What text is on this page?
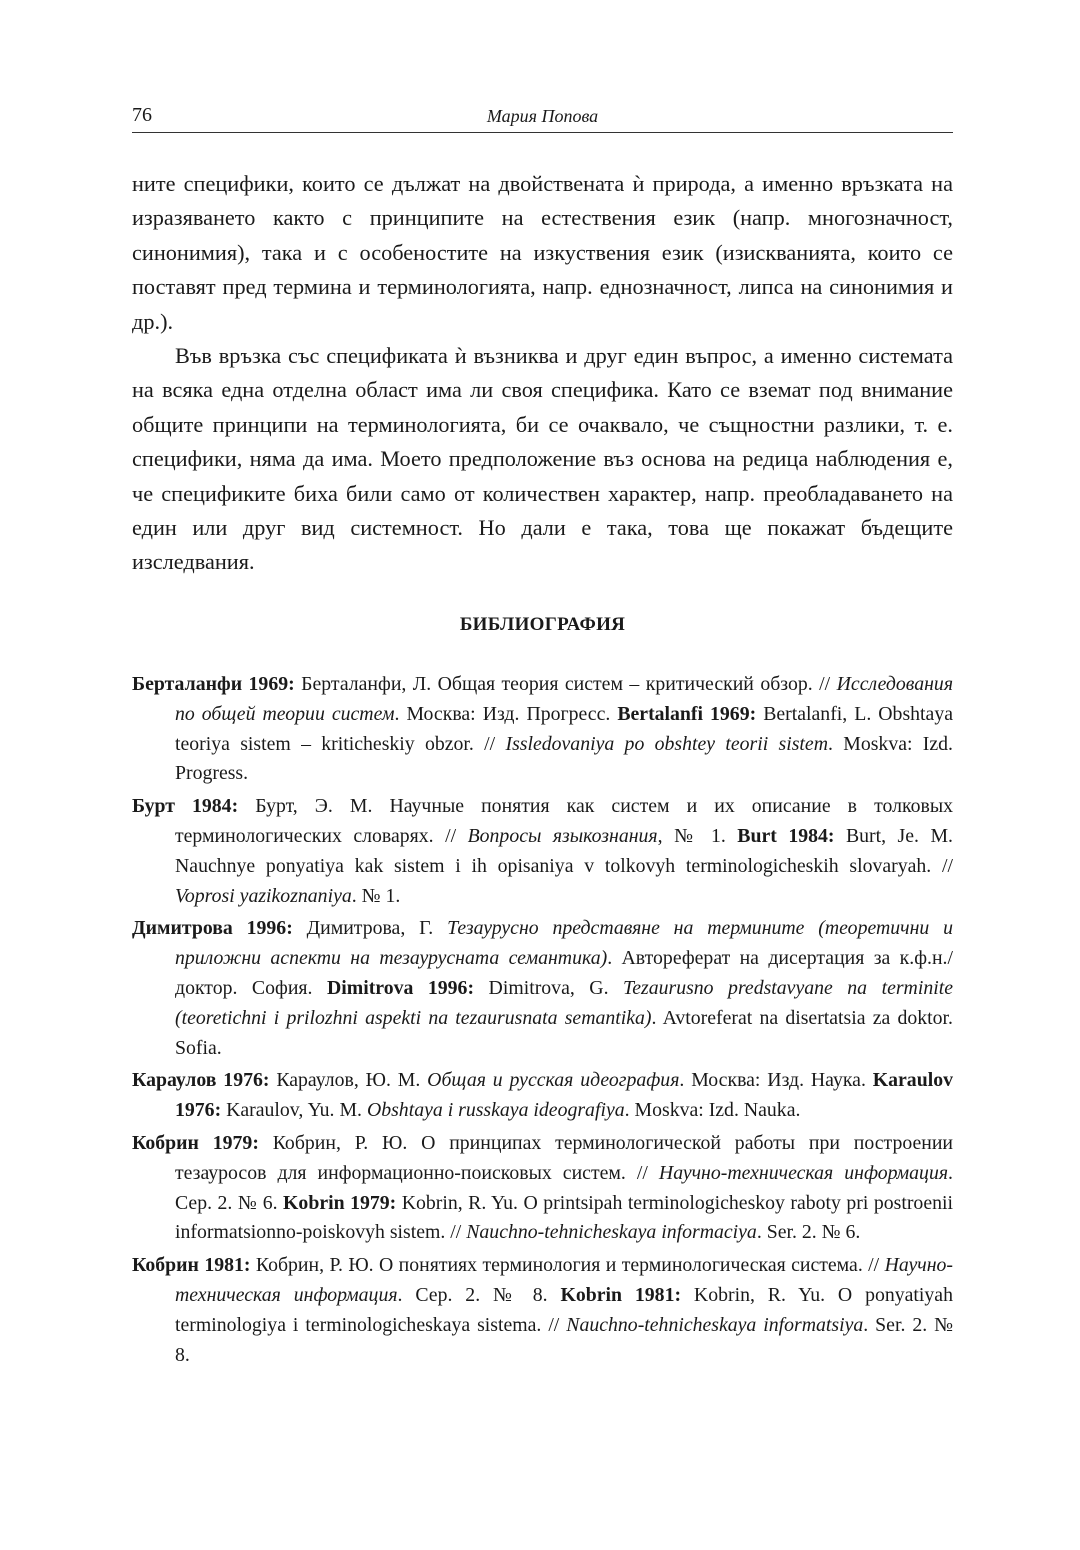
76	Мария Попова

ните специфики, които се дължат на двойствената ѝ природа, а именно връзката на изразяването както с принципите на естествения език (напр. многозначност, синонимия), така и с особеностите на изкуствения език (изискванията, които се поставят пред термина и терминологията, напр. еднозначност, липса на синонимия и др.).

Във връзка със спецификата ѝ възниква и друг един въпрос, а именно системата на всяка една отделна област има ли своя специфика. Като се вземат под внимание общите принципи на терминологията, би се очаквало, че същностни разлики, т. е. специфики, няма да има. Моето предположение въз основа на редица наблюдения е, че спецификите биха били само от количествен характер, напр. преобладаването на един или друг вид системност. Но дали е така, това ще покажат бъдещите изследвания.

БИБЛИОГРАФИЯ

Берталанфи 1969: Берталанфи, Л. Общая теория систем – критический обзор. // Исследования по общей теории систем. Москва: Изд. Прогресс. Bertalanfi 1969: Bertalanfi, L. Obshtaya teoriya sistem – kriticheskiy obzor. // Issledovaniya po obshtey teorii sistem. Moskva: Izd. Progress.

Бурт 1984: Бурт, Э. М. Научные понятия как систем и их описание в толковых терминологических словарях. // Вопросы языкознания, № 1. Burt 1984: Burt, Je. M. Nauchnye ponyatiya kak sistem i ih opisaniya v tolkovyh terminologicheskih slovaryah. // Voprosi yazikoznaniya. № 1.

Димитрова 1996: Димитрова, Г. Тезаурусно представяне на термините (теоретични и приложни аспекти на тезаурусната семантика). Автореферат на дисертация за к.ф.н./доктор. София. Dimitrova 1996: Dimitrova, G. Tezaurusno predstavyane na terminite (teoretichni i prilozhni aspekti na tezaurusnata semantika). Avtoreferat na disertatsia za doktor. Sofia.

Караулов 1976: Караулов, Ю. М. Общая и русская идеография. Москва: Изд. Наука. Karaulov 1976: Karaulov, Yu. M. Obshtaya i russkaya ideografiya. Moskva: Izd. Nauka.

Кобрин 1979: Кобрин, Р. Ю. О принципах терминологической работы при построении тезауросов для информационно-поисковых систем. // Научно-техническая информация. Сер. 2. № 6. Kobrin 1979: Kobrin, R. Yu. O printsipah terminologicheskoy raboty pri postroenii informatsionno-poiskovyh sistem. // Nauchno-tehnicheskaya informaciya. Ser. 2. № 6.

Кобрин 1981: Кобрин, Р. Ю. О понятиях терминология и терминологическая система. // Научно-техническая информация. Сер. 2. № 8. Kobrin 1981: Kobrin, R. Yu. O ponyatiyah terminologiya i terminologicheskaya sistema. // Nauchno-tehnicheskaya informatsiya. Ser. 2. № 8.
